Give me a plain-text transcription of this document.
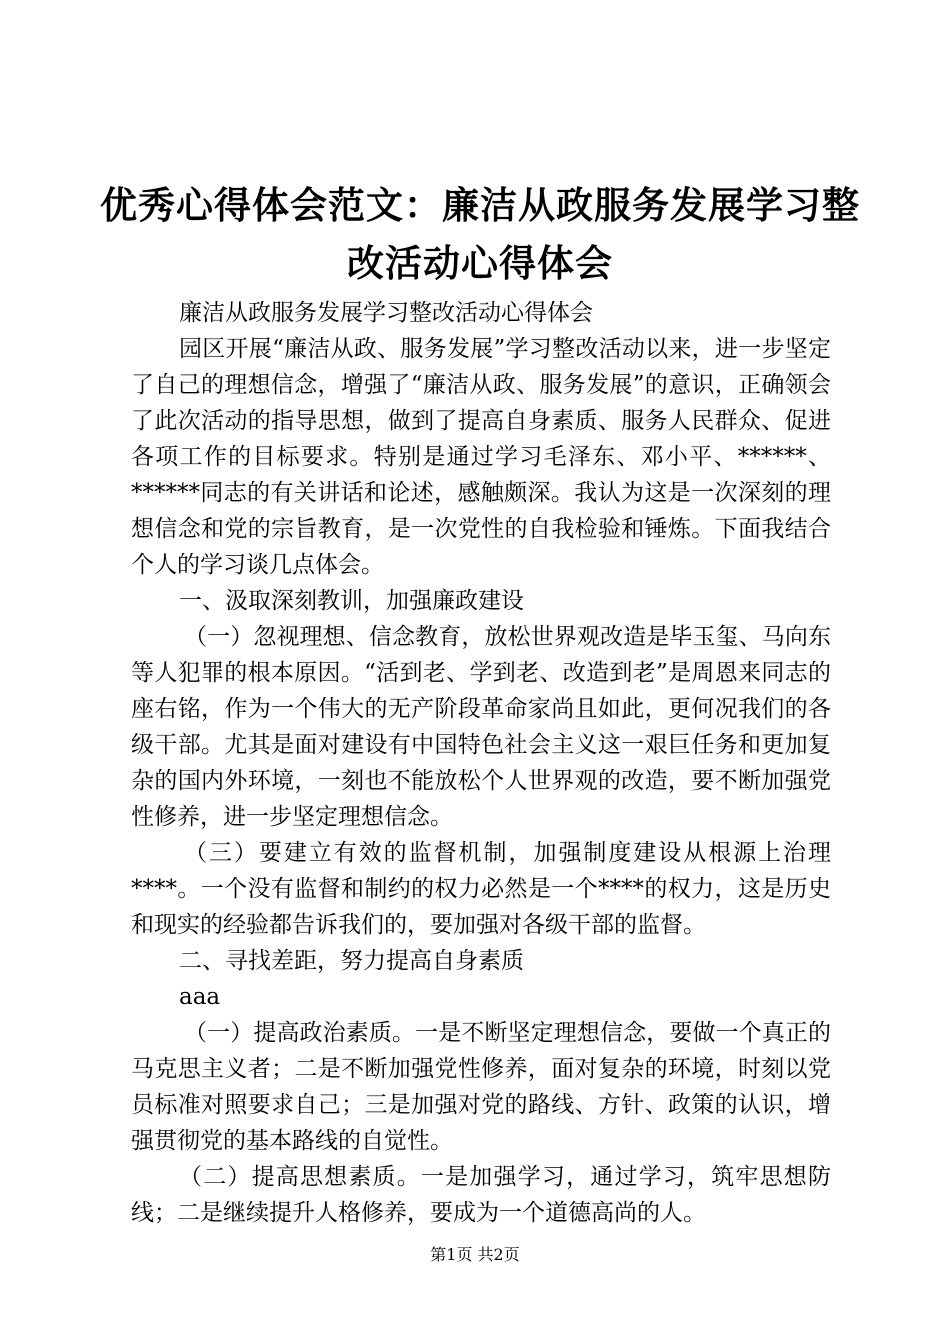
优秀心得体会范文：廉洁从政服务发展学习整
改活动心得体会

廉洁从政服务发展学习整改活动心得体会

园区开展“廉洁从政、服务发展”学习整改活动以来，进一步坚定了自己的理想信念，增强了“廉洁从政、服务发展”的意识，正确领会了此次活动的指导思想，做到了提高自身素质、服务人民群众、促进各项工作的目标要求。特别是通过学习毛泽东、邓小平、******、******同志的有关讲话和论述，感触颇深。我认为这是一次深刻的理想信念和党的宗旨教育，是一次党性的自我检验和锤炼。下面我结合个人的学习谈几点体会。

一、汲取深刻教训，加强廉政建设

（一）忽视理想、信念教育，放松世界观改造是毕玉玺、马向东等人犯罪的根本原因。“活到老、学到老、改造到老”是周恩来同志的座右铭，作为一个伟大的无产阶段革命家尚且如此，更何况我们的各级干部。尤其是面对建设有中国特色社会主义这一艰巨任务和更加复杂的国内外环境，一刻也不能放松个人世界观的改造，要不断加强党性修养，进一步坚定理想信念。

（三）要建立有效的监督机制，加强制度建设从根源上治理****。一个没有监督和制约的权力必然是一个****的权力，这是历史和现实的经验都告诉我们的，要加强对各级干部的监督。

二、寻找差距，努力提高自身素质

aaa

（一）提高政治素质。一是不断坚定理想信念，要做一个真正的马克思主义者；二是不断加强党性修养，面对复杂的环境，时刻以党员标准对照要求自己；三是加强对党的路线、方针、政策的认识，增强贯彻党的基本路线的自觉性。

（二）提高思想素质。一是加强学习，通过学习，筑牢思想防线；二是继续提升人格修养，要成为一个道德高尚的人。

第1页 共2页
